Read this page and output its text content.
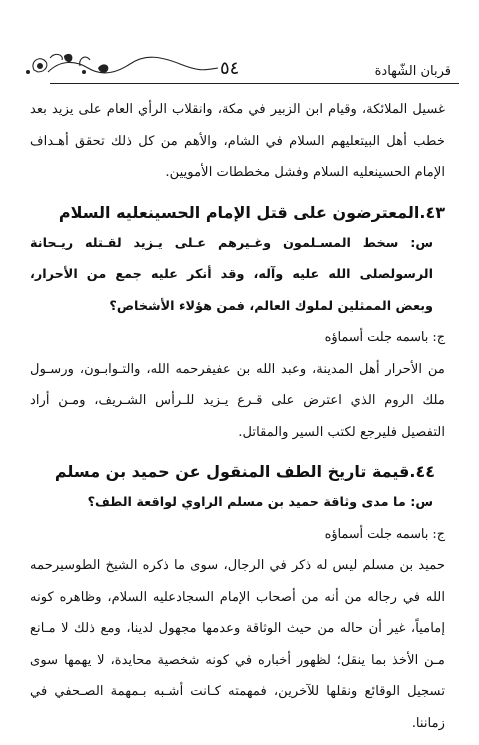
قربان الشّهادة
٥٤

غسيل الملائكة، وقيام ابن الزبير في مكة، وانقلاب الرأي العام على يزيد بعد خطب أهل البيتعليهم السلام في الشام، والأهم من كل ذلك تحقق أهـداف الإمام الحسينعليه السلام وفشل مخططات الأمويين.

٤٣.المعترضون على قتل الإمام الحسينعليه السلام

س: سخط المسـلمون وغـيرهم عـلى يـزيد لقـتله ريـحانة الرسولصلى الله عليه وآله، وقد أنكر عليه جمع من الأحرار، وبعض الممثلين لملوك العالم، فمن هؤلاء الأشخاص؟

ج: باسمه جلت أسماؤه

من الأحرار أهل المدينة، وعبد الله بن عفيفرحمه الله، والتـوابـون، ورسـول ملك الروم الذي اعترض على قـرع يـزيد للـرأس الشـريف، ومـن أراد التفصيل فليرجع لكتب السير والمقاتل.

٤٤.قيمة تاريخ الطف المنقول عن حميد بن مسلم

س: ما مدى وثاقة حميد بن مسلم الراوي لواقعة الطف؟

ج: باسمه جلت أسماؤه

حميد بن مسلم ليس له ذكر في الرجال، سوى ما ذكره الشيخ الطوسيرحمه الله في رجاله من أنه من أصحاب الإمام السجادعليه السلام، وظاهره كونه إمامياً، غير أن حاله من حيث الوثاقة وعدمها مجهول لدينا، ومع ذلك لا مـانع مـن الأخذ بما ينقل؛ لظهور أخباره في كونه شخصية محايدة، لا يهمها سوى تسجيل الوقائع ونقلها للآخرين، فمهمته كـانت أشـبه بـمهمة الصـحفي في زماننا.
